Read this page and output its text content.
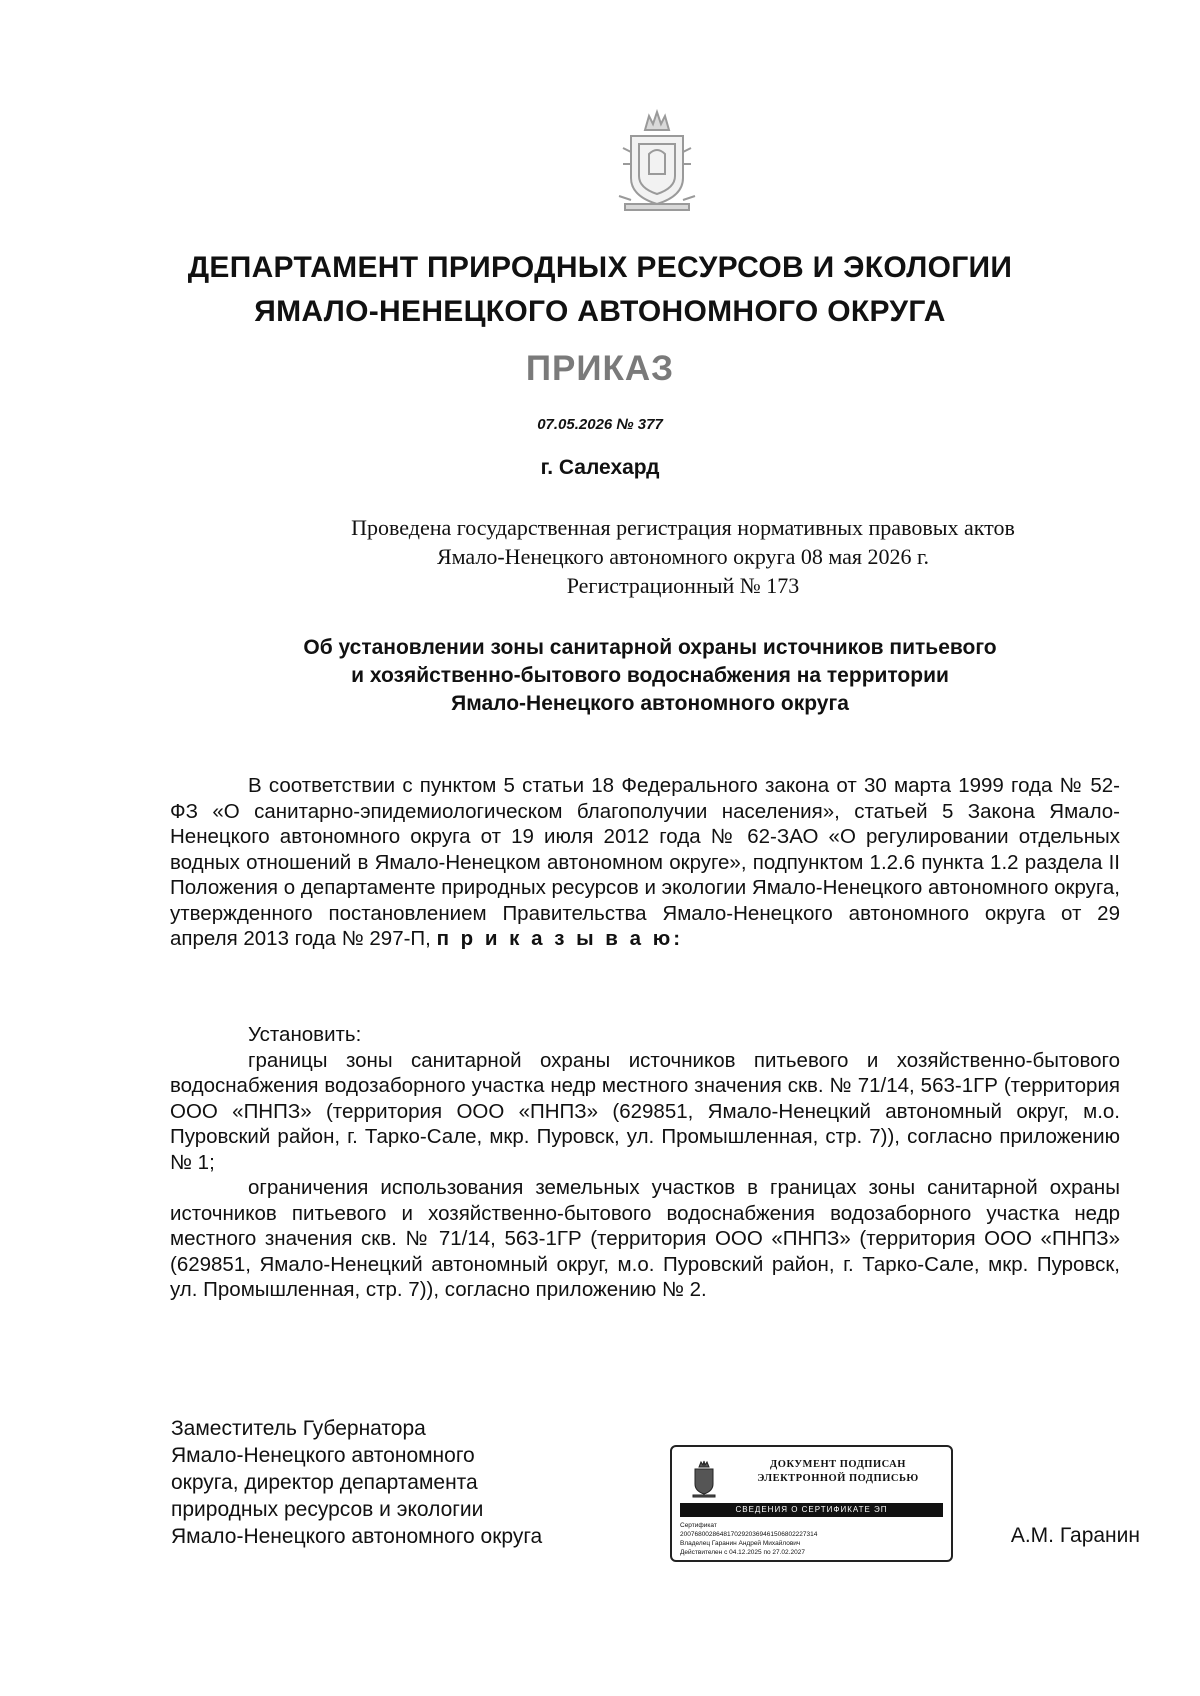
ДЕПАРТАМЕНТ ПРИРОДНЫХ РЕСУРСОВ И ЭКОЛОГИИ
ЯМАЛО-НЕНЕЦКОГО АВТОНОМНОГО ОКРУГА
ПРИКАЗ
07.05.2026 № 377
г. Салехард
Проведена государственная регистрация нормативных правовых актов
Ямало-Ненецкого автономного округа 08 мая 2026 г.
Регистрационный № 173
Об установлении зоны санитарной охраны источников питьевого
и хозяйственно-бытового водоснабжения на территории
Ямало-Ненецкого автономного округа

В соответствии с пунктом 5 статьи 18 Федерального закона от 30 марта 1999 года № 52-ФЗ «О санитарно-эпидемиологическом благополучии населения», статьей 5 Закона Ямало-Ненецкого автономного округа от 19 июля 2012 года № 62-ЗАО «О регулировании отдельных водных отношений в Ямало-Ненецком автономном округе», подпунктом 1.2.6 пункта 1.2 раздела II Положения о департаменте природных ресурсов и экологии Ямало-Ненецкого автономного округа, утвержденного постановлением Правительства Ямало-Ненецкого автономного округа от 29 апреля 2013 года № 297-П, п р и к а з ы в а ю:

Установить:

границы зоны санитарной охраны источников питьевого и хозяйственно-бытового водоснабжения водозаборного участка недр местного значения скв. № 71/14, 563-1ГР (территория ООО «ПНПЗ» (территория ООО «ПНПЗ» (629851, Ямало-Ненецкий автономный округ, м.о. Пуровский район, г. Тарко-Сале, мкр. Пуровск, ул. Промышленная, стр. 7)), согласно приложению № 1;

ограничения использования земельных участков в границах зоны санитарной охраны источников питьевого и хозяйственно-бытового водоснабжения водозаборного участка недр местного значения скв. № 71/14, 563-1ГР (территория ООО «ПНПЗ» (территория ООО «ПНПЗ» (629851, Ямало-Ненецкий автономный округ, м.о. Пуровский район, г. Тарко-Сале, мкр. Пуровск, ул. Промышленная, стр. 7)), согласно приложению № 2.

Заместитель Губернатора
Ямало-Ненецкого автономного
округа, директор департамента
природных ресурсов и экологии
Ямало-Ненецкого автономного округа
ДОКУМЕНТ ПОДПИСАН
ЭЛЕКТРОННОЙ ПОДПИСЬЮ
СВЕДЕНИЯ О СЕРТИФИКАТЕ ЭП
Сертификат
20076800286481702920369461506802227314
Владелец Гаранин Андрей Михайлович
Действителен с 04.12.2025 по 27.02.2027
А.М. Гаранин
